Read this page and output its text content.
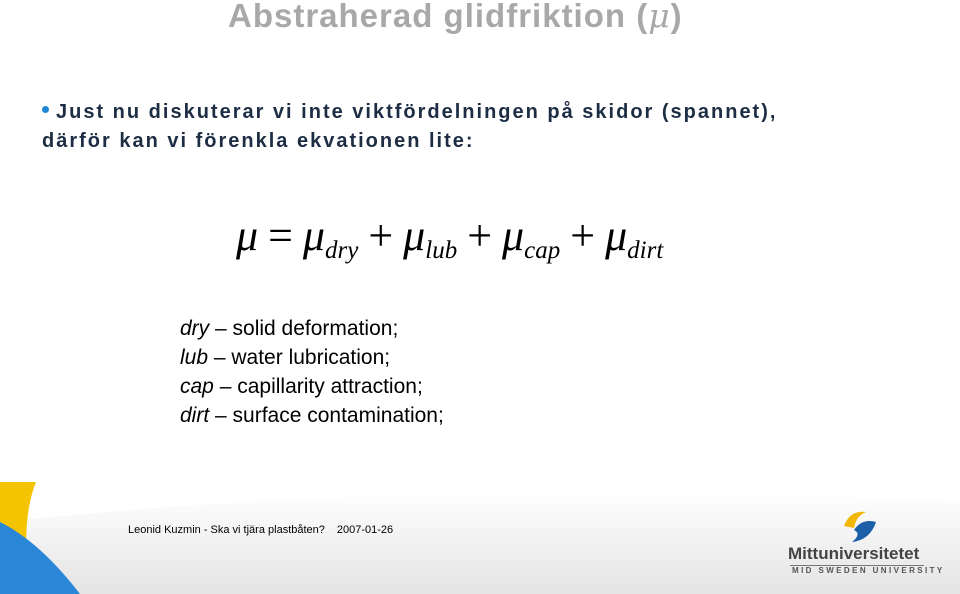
Abstraherad glidfriktion (μ)
Just nu diskuterar vi inte viktfördelningen på skidor (spannet),
därför kan vi förenkla ekvationen lite:
$\mu = \mu_{dry} + \mu_{lub} + \mu_{cap} + \mu_{dirt}$
dry – solid deformation;
lub – water lubrication;
cap – capillarity attraction;
dirt – surface contamination;
Leonid Kuzmin - Ska vi tjära plastbåten? 2007-01-26
Mittuniversitetet
MID SWEDEN UNIVERSITY
